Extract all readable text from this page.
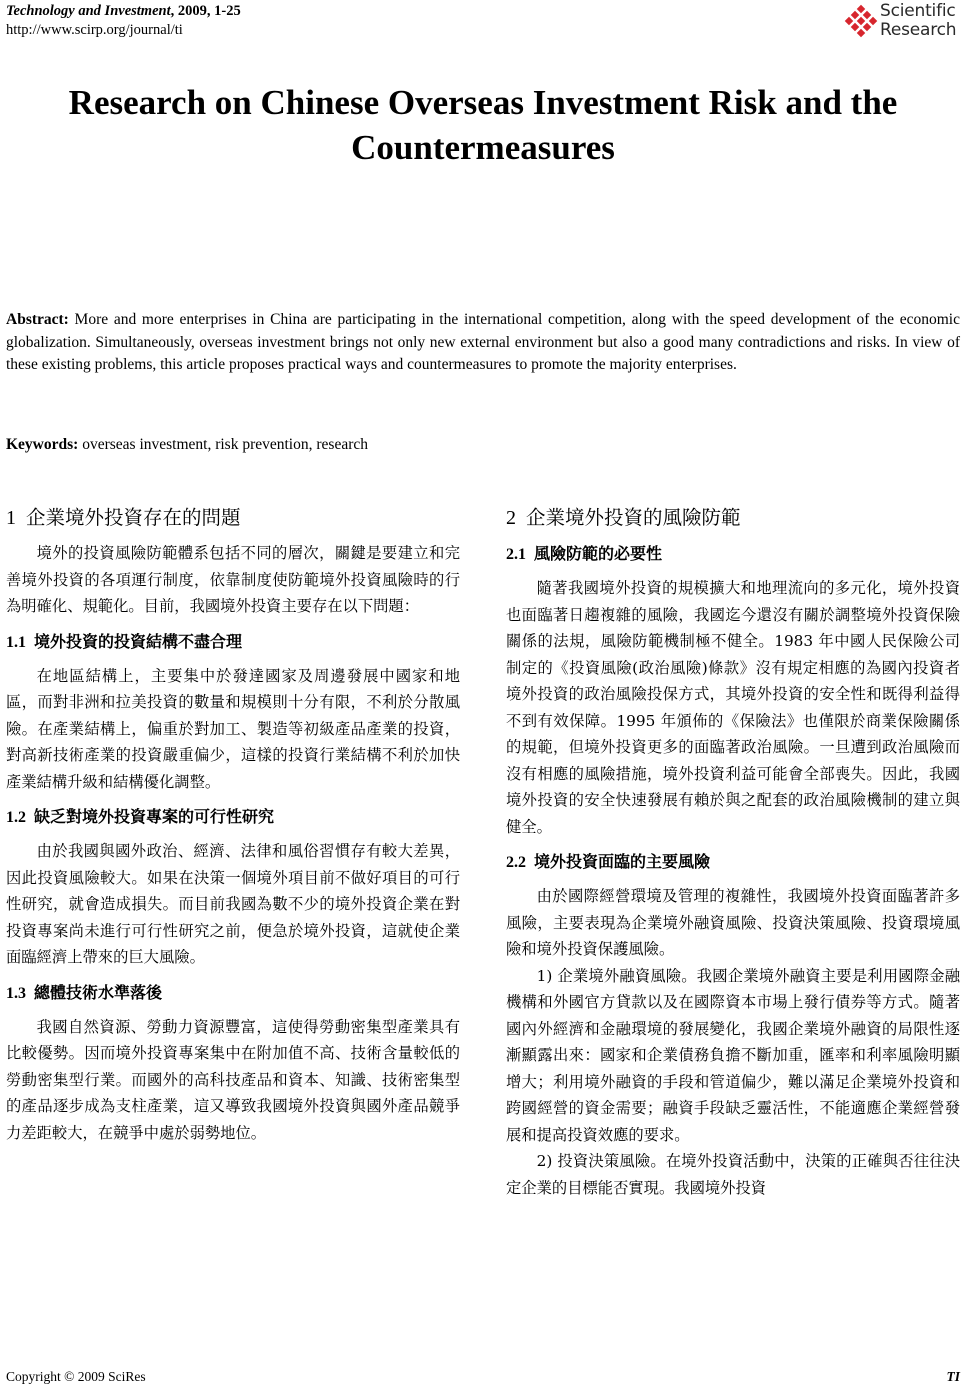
Technology and Investment, 2009, 1-25
http://www.scirp.org/journal/ti
Scientific
Research
Research on Chinese Overseas Investment Risk and the Countermeasures

Abstract: More and more enterprises in China are participating in the international competition, along with the speed development of the economic globalization. Simultaneously, overseas investment brings not only new external environment but also a good many contradictions and risks. In view of these existing problems, this article proposes practical ways and countermeasures to promote the majority enterprises.

Keywords: overseas investment, risk prevention, research

1 企業境外投資存在的問題

境外的投資風險防範體系包括不同的層次，關鍵是要建立和完善境外投資的各項運行制度，依靠制度使防範境外投資風險時的行為明確化、規範化。目前，我國境外投資主要存在以下問題：

1.1 境外投資的投資結構不盡合理

在地區結構上，主要集中於發達國家及周邊發展中國家和地區，而對非洲和拉美投資的數量和規模則十分有限，不利於分散風險。在產業結構上，偏重於對加工、製造等初級產品產業的投資，對高新技術產業的投資嚴重偏少，這樣的投資行業結構不利於加快產業結構升級和結構優化調整。

1.2 缺乏對境外投資專案的可行性研究

由於我國與國外政治、經濟、法律和風俗習慣存有較大差異，因此投資風險較大。如果在決策一個境外項目前不做好項目的可行性研究，就會造成損失。而目前我國為數不少的境外投資企業在對投資專案尚未進行可行性研究之前，便急於境外投資，這就使企業面臨經濟上帶來的巨大風險。

1.3 總體技術水準落後

我國自然資源、勞動力資源豐富，這使得勞動密集型產業具有比較優勢。因而境外投資專案集中在附加值不高、技術含量較低的勞動密集型行業。而國外的高科技產品和資本、知識、技術密集型的產品逐步成為支柱產業，這又導致我國境外投資與國外產品競爭力差距較大，在競爭中處於弱勢地位。

2 企業境外投資的風險防範
2.1 風險防範的必要性

隨著我國境外投資的規模擴大和地理流向的多元化，境外投資也面臨著日趨複雜的風險，我國迄今還沒有關於調整境外投資保險關係的法規，風險防範機制極不健全。1983 年中國人民保險公司制定的《投資風險(政治風險)條款》沒有規定相應的為國內投資者境外投資的政治風險投保方式，其境外投資的安全性和既得利益得不到有效保障。1995 年頒佈的《保險法》也僅限於商業保險關係的規範，但境外投資更多的面臨著政治風險。一旦遭到政治風險而沒有相應的風險措施，境外投資利益可能會全部喪失。因此，我國境外投資的安全快速發展有賴於與之配套的政治風險機制的建立與健全。

2.2 境外投資面臨的主要風險

由於國際經營環境及管理的複雜性，我國境外投資面臨著許多風險，主要表現為企業境外融資風險、投資決策風險、投資環境風險和境外投資保護風險。

1) 企業境外融資風險。我國企業境外融資主要是利用國際金融機構和外國官方貸款以及在國際資本市場上發行債券等方式。隨著國內外經濟和金融環境的發展變化，我國企業境外融資的局限性逐漸顯露出來：國家和企業債務負擔不斷加重，匯率和利率風險明顯增大；利用境外融資的手段和管道偏少，難以滿足企業境外投資和跨國經營的資金需要；融資手段缺乏靈活性，不能適應企業經營發展和提高投資效應的要求。

2) 投資決策風險。在境外投資活動中，決策的正確與否往往決定企業的目標能否實現。我國境外投資

Copyright © 2009 SciRes	TI
